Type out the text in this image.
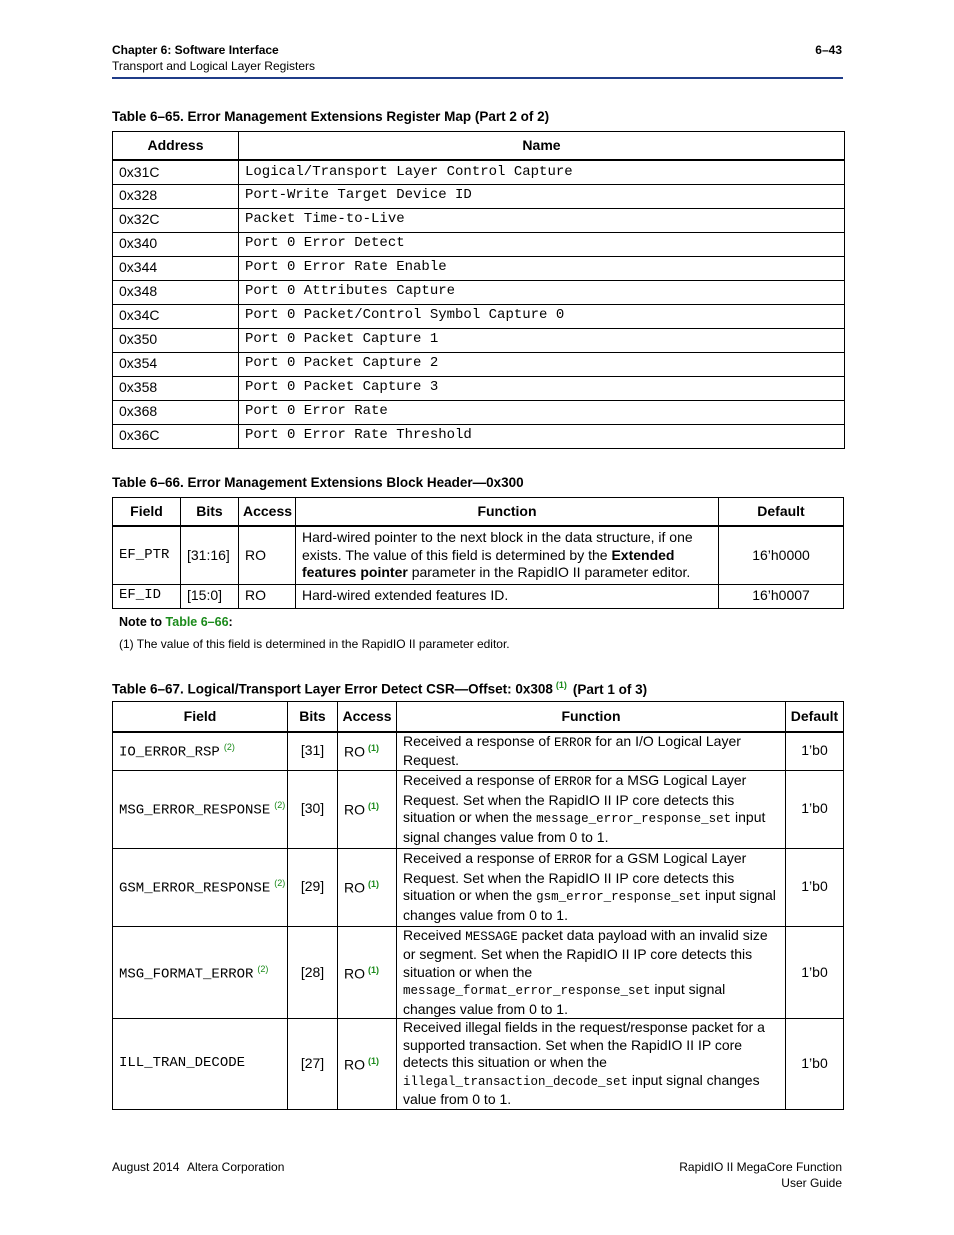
Chapter 6: Software Interface
Transport and Logical Layer Registers
6–43
Table 6–65. Error Management Extensions Register Map (Part 2 of 2)
Address	Name
0x31C	Logical/Transport Layer Control Capture
0x328	Port-Write Target Device ID
0x32C	Packet Time-to-Live
0x340	Port 0 Error Detect
0x344	Port 0 Error Rate Enable
0x348	Port 0 Attributes Capture
0x34C	Port 0 Packet/Control Symbol Capture 0
0x350	Port 0 Packet Capture 1
0x354	Port 0 Packet Capture 2
0x358	Port 0 Packet Capture 3
0x368	Port 0 Error Rate
0x36C	Port 0 Error Rate Threshold
Table 6–66. Error Management Extensions Block Header—0x300
Field	Bits	Access	Function	Default
EF_PTR	[31:16]	RO	Hard-wired pointer to the next block in the data structure, if one exists. The value of this field is determined by the Extended features pointer parameter in the RapidIO II parameter editor.	16’h0000
EF_ID	[15:0]	RO	Hard-wired extended features ID.	16’h0007
Note to Table 6–66:
(1) The value of this field is determined in the RapidIO II parameter editor.
Table 6–67. Logical/Transport Layer Error Detect CSR—Offset: 0x308 $^{(1)}$ (Part 1 of 3)
Field	Bits	Access	Function	Default
IO_ERROR_RSP $^{(2)}$	[31]	RO $^{(1)}$	Received a response of ERROR for an I/O Logical Layer Request.	1’b0
MSG_ERROR_RESPONSE $^{(2)}$	[30]	RO $^{(1)}$	Received a response of ERROR for a MSG Logical Layer Request. Set when the RapidIO II IP core detects this situation or when the message_error_response_set input signal changes value from 0 to 1.	1’b0
GSM_ERROR_RESPONSE $^{(2)}$	[29]	RO $^{(1)}$	Received a response of ERROR for a GSM Logical Layer Request. Set when the RapidIO II IP core detects this situation or when the gsm_error_response_set input signal changes value from 0 to 1.	1’b0
MSG_FORMAT_ERROR $^{(2)}$	[28]	RO $^{(1)}$	Received MESSAGE packet data payload with an invalid size or segment. Set when the RapidIO II IP core detects this situation or when the message_format_error_response_set input signal changes value from 0 to 1.	1’b0
ILL_TRAN_DECODE	[27]	RO $^{(1)}$	Received illegal fields in the request/response packet for a supported transaction. Set when the RapidIO II IP core detects this situation or when the illegal_transaction_decode_set input signal changes value from 0 to 1.	1’b0
August 2014 Altera Corporation	RapidIO II MegaCore Function
User Guide
